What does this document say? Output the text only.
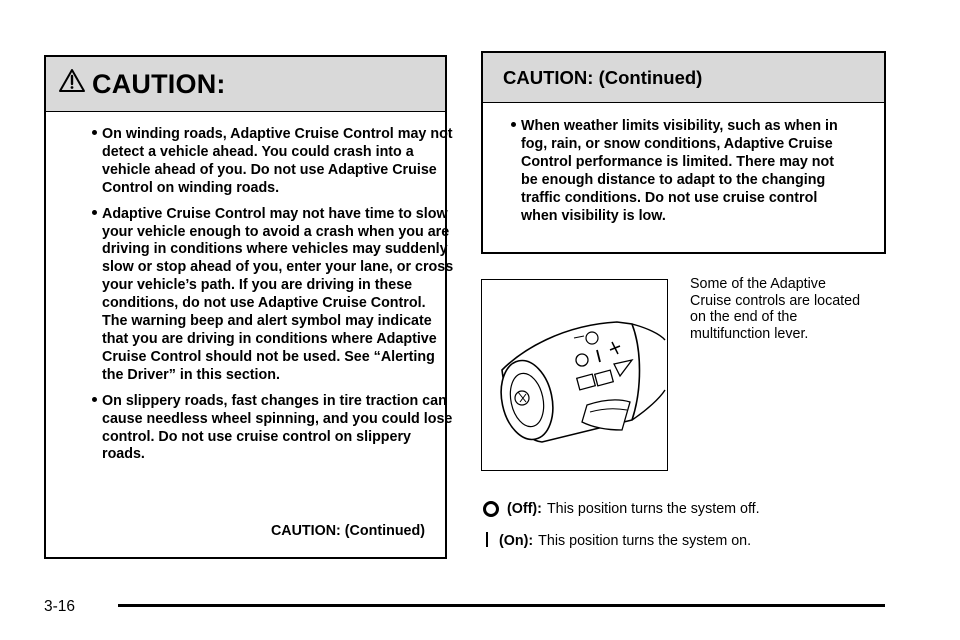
CAUTION:
On winding roads, Adaptive Cruise Control may not detect a vehicle ahead. You could crash into a vehicle ahead of you. Do not use Adaptive Cruise Control on winding roads.
Adaptive Cruise Control may not have time to slow your vehicle enough to avoid a crash when you are driving in conditions where vehicles may suddenly slow or stop ahead of you, enter your lane, or cross your vehicle’s path. If you are driving in these conditions, do not use Adaptive Cruise Control. The warning beep and alert symbol may indicate that you are driving in conditions where Adaptive Cruise Control should not be used. See “Alerting the Driver” in this section.
On slippery roads, fast changes in tire traction can cause needless wheel spinning, and you could lose control. Do not use cruise control on slippery roads.
CAUTION: (Continued)
CAUTION: (Continued)
When weather limits visibility, such as when in fog, rain, or snow conditions, Adaptive Cruise Control performance is limited. There may not be enough distance to adapt to the changing traffic conditions. Do not use cruise control when visibility is low.
Some of the Adaptive Cruise controls are located on the end of the multifunction lever.
(Off): This position turns the system off.
(On): This position turns the system on.
3-16
